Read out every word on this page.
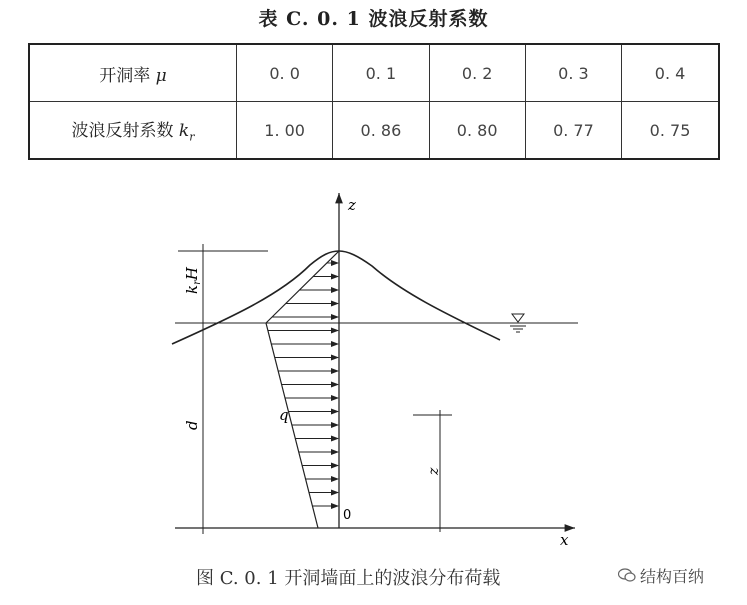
表 C. 0. 1 波浪反射系数
开洞率 μ	0. 0	0. 1	0. 2	0. 3	0. 4
波浪反射系数 $k_r$	1. 00	0. 86	0. 80	0. 77	0. 75
z
x
$k_rH$
d
q
z
0
图 C. 0. 1 开洞墙面上的波浪分布荷载	结构百纳
